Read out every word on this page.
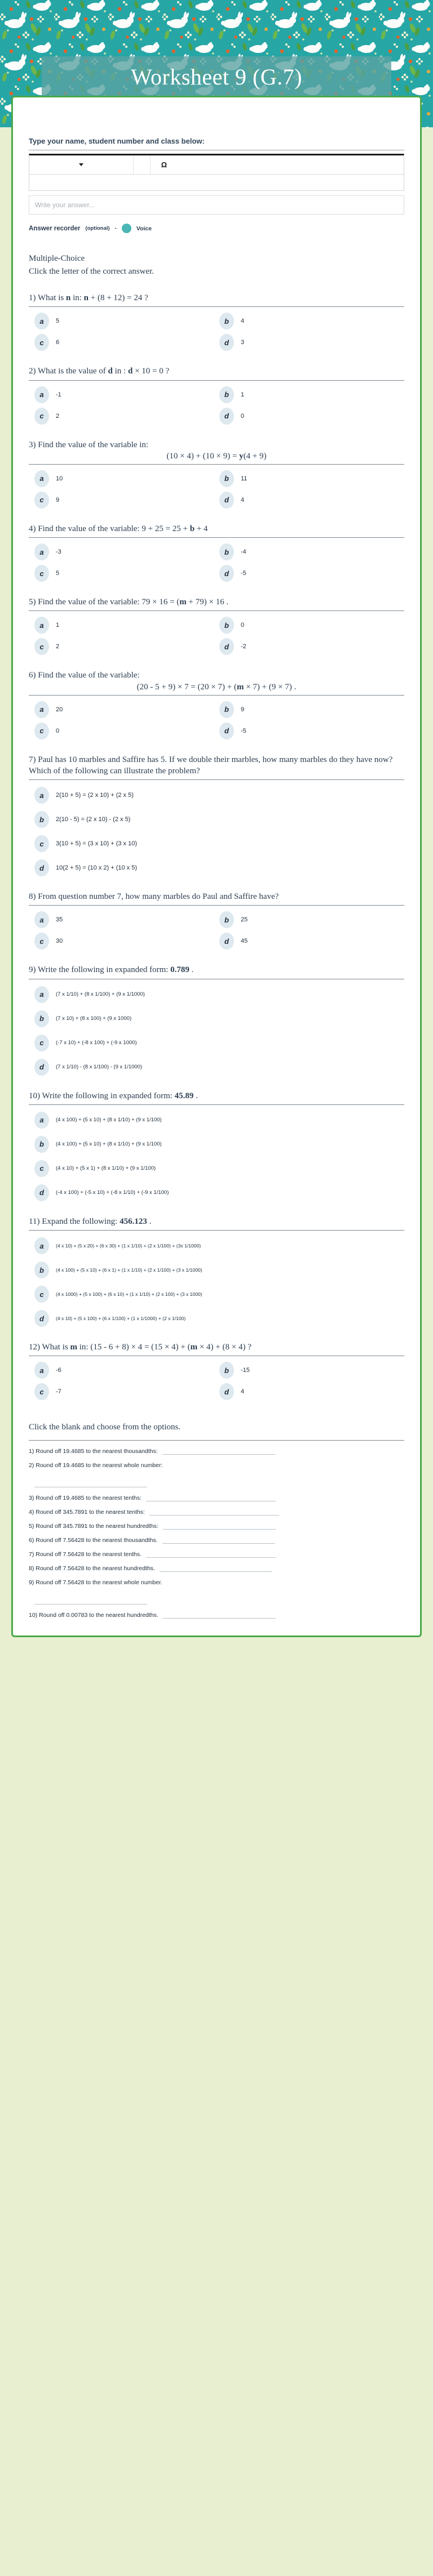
Worksheet 9 (G.7)

Type your name, student number and class below:

Ω
Write your answer...
Answer recorder (optional) -	Voice
Multiple-Choice
Click the letter of the correct answer.
1) What is n in: n + (8 + 12) = 24 ?
a	5	b	4
c	6	d	3
2) What is the value of d in : d × 10 = 0 ?
a	-1	b	1
c	2	d	0
3) Find the value of the variable in:
(10 × 4) + (10 × 9) = y(4 + 9)
a	10	b	11
c	9	d	4
4) Find the value of the variable: 9 + 25 = 25 + b + 4
a	-3	b	-4
c	5	d	-5
5) Find the value of the variable: 79 × 16 = (m + 79) × 16 .
a	1	b	0
c	2	d	-2
6) Find the value of the variable:
(20 - 5 + 9) × 7 = (20 × 7) + (m × 7) + (9 × 7) .
a	20	b	9
c	0	d	-5
7) Paul has 10 marbles and Saffire has 5. If we double their marbles, how many marbles do they have now? Which of the following can illustrate the problem?
a	2(10 + 5) = (2 x 10) + (2 x 5)
b	2(10 - 5) = (2 x 10) - (2 x 5)
c	3(10 + 5) = (3 x 10) + (3 x 10)
d	10(2 + 5) = (10 x 2) + (10 x 5)
8) From question number 7, how many marbles do Paul and Saffire have?
a	35	b	25
c	30	d	45
9) Write the following in expanded form: 0.789 .
a	(7 x 1/10) + (8 x 1/100) + (9 x 1/1000)
b	(7 x 10) + (8 x 100) + (9 x 1000)
c	(-7 x 10) + (-8 x 100) + (-9 x 1000)
d	(7 x 1/10) - (8 x 1/100) - (9 x 1/1000)
10) Write the following in expanded form: 45.89 .
a	(4 x 100) + (5 x 10) + (8 x 1/10) + (9 x 1/100)
b	(4 x 100) + (5 x 10) + (8 x 1/10) + (9 x 1/100)
c	(4 x 10) + (5 x 1) + (8 x 1/10) + (9 x 1/100)
d	(-4 x 100) + (-5 x 10) + (-8 x 1/10) + (-9 x 1/100)
11) Expand the following: 456.123 .
a	(4 x 10) + (5 x 20) + (6 x 30) + (1 x 1/10) + (2 x 1/100) + (3x 1/1000)
b	(4 x 100) + (5 x 10) + (6 x 1) + (1 x 1/10) + (2 x 1/100) + (3 x 1/1000)
c	(4 x 1000) + (5 x 100) + (6 x 10) + (1 x 1/10) + (2 x 100) + (3 x 1000)
d	(4 x 10) + (5 x 100) + (6 x 1/100) + (1 x 1/1000) + (2 x 1/100)
12) What is m in: (15 - 6 + 8) × 4 = (15 × 4) + (m × 4) + (8 × 4) ?
a	-6	b	-15
c	-7	d	4
Click the blank and choose from the options.
1) Round off 19.4685 to the nearest thousandths:
2) Round off 19.4685 to the nearest whole number:
3) Round off 19.4685 to the nearest tenths:
4) Round off 345.7891 to the nearest tenths:
5) Round off 345.7891 to the nearest hundredths:
6) Round off 7.56428 to the nearest thousandths.
7) Round off 7.56428 to the nearest tenths.
8) Round off 7.56428 to the nearest hundredths.
9) Round off 7.56428 to the nearest whole number.
10) Round off 0.00783 to the nearest hundredths.
